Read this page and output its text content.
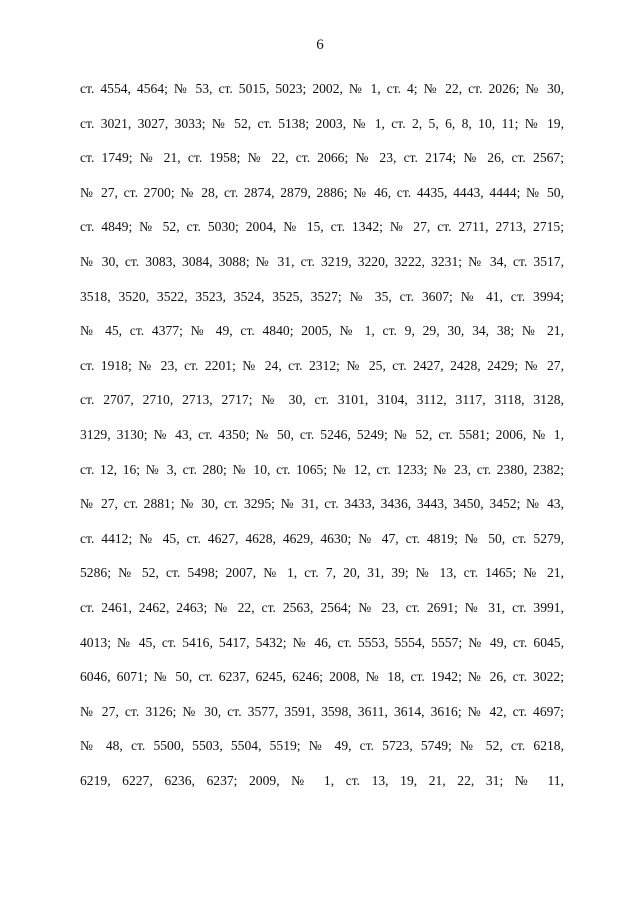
6
ст. 4554, 4564; № 53, ст. 5015, 5023; 2002, № 1, ст. 4; № 22, ст. 2026; № 30,
ст. 3021, 3027, 3033; № 52, ст. 5138; 2003, № 1, ст. 2, 5, 6, 8, 10, 11; № 19,
ст. 1749; № 21, ст. 1958; № 22, ст. 2066; № 23, ст. 2174; № 26, ст. 2567;
№ 27, ст. 2700; № 28, ст. 2874, 2879, 2886; № 46, ст. 4435, 4443, 4444; № 50,
ст. 4849; № 52, ст. 5030; 2004, № 15, ст. 1342; № 27, ст. 2711, 2713, 2715;
№ 30, ст. 3083, 3084, 3088; № 31, ст. 3219, 3220, 3222, 3231; № 34, ст. 3517,
3518, 3520, 3522, 3523, 3524, 3525, 3527; № 35, ст. 3607; № 41, ст. 3994;
№ 45, ст. 4377; № 49, ст. 4840; 2005, № 1, ст. 9, 29, 30, 34, 38; № 21,
ст. 1918; № 23, ст. 2201; № 24, ст. 2312; № 25, ст. 2427, 2428, 2429; № 27,
ст. 2707, 2710, 2713, 2717; № 30, ст. 3101, 3104, 3112, 3117, 3118, 3128,
3129, 3130; № 43, ст. 4350; № 50, ст. 5246, 5249; № 52, ст. 5581; 2006, № 1,
ст. 12, 16; № 3, ст. 280; № 10, ст. 1065; № 12, ст. 1233; № 23, ст. 2380, 2382;
№ 27, ст. 2881; № 30, ст. 3295; № 31, ст. 3433, 3436, 3443, 3450, 3452; № 43,
ст. 4412; № 45, ст. 4627, 4628, 4629, 4630; № 47, ст. 4819; № 50, ст. 5279,
5286; № 52, ст. 5498; 2007, № 1, ст. 7, 20, 31, 39; № 13, ст. 1465; № 21,
ст. 2461, 2462, 2463; № 22, ст. 2563, 2564; № 23, ст. 2691; № 31, ст. 3991,
4013; № 45, ст. 5416, 5417, 5432; № 46, ст. 5553, 5554, 5557; № 49, ст. 6045,
6046, 6071; № 50, ст. 6237, 6245, 6246; 2008, № 18, ст. 1942; № 26, ст. 3022;
№ 27, ст. 3126; № 30, ст. 3577, 3591, 3598, 3611, 3614, 3616; № 42, ст. 4697;
№ 48, ст. 5500, 5503, 5504, 5519; № 49, ст. 5723, 5749; № 52, ст. 6218,
6219, 6227, 6236, 6237; 2009, № 1, ст. 13, 19, 21, 22, 31; № 11,
